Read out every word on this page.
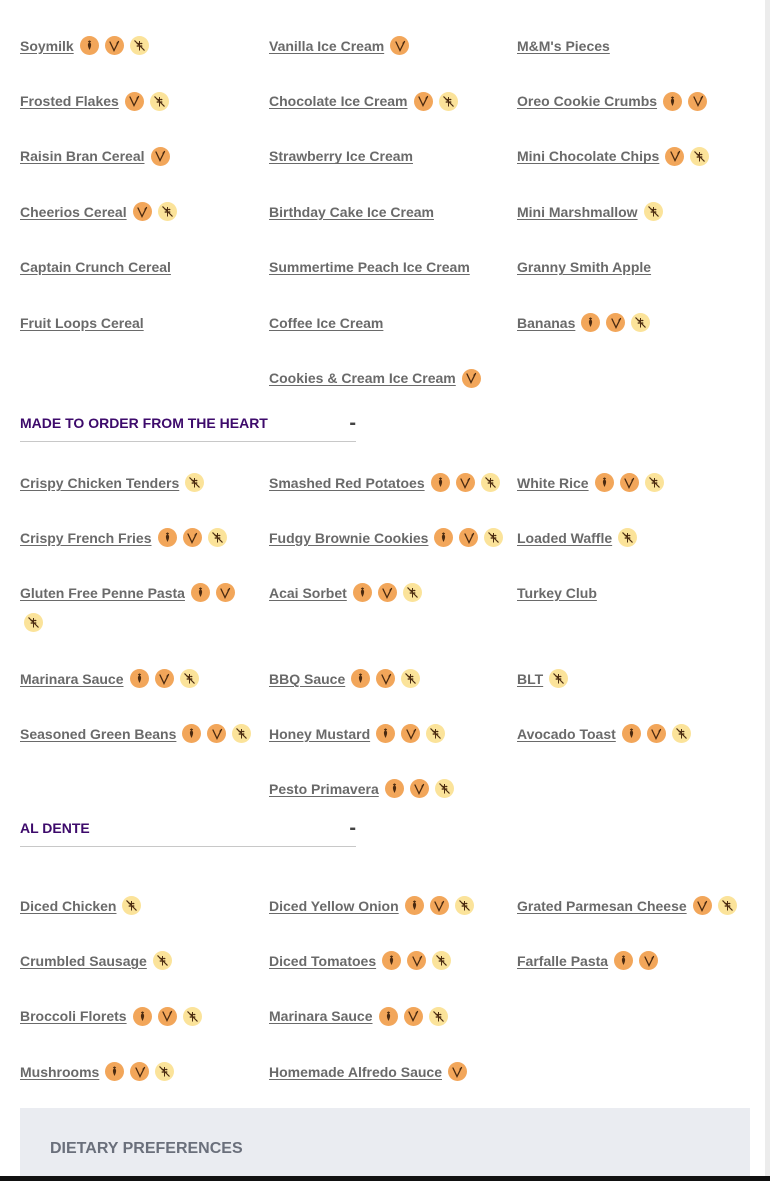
Soymilk	Vanilla Ice Cream	M&M's Pieces
Frosted Flakes	Chocolate Ice Cream	Oreo Cookie Crumbs
Raisin Bran Cereal	Strawberry Ice Cream	Mini Chocolate Chips
Cheerios Cereal	Birthday Cake Ice Cream	Mini Marshmallow
Captain Crunch Cereal	Summertime Peach Ice Cream	Granny Smith Apple
Fruit Loops Cereal	Coffee Ice Cream	Bananas
Cookies & Cream Ice Cream
MADE TO ORDER FROM THE HEART	-
Crispy Chicken Tenders	Smashed Red Potatoes	White Rice
Crispy French Fries	Fudgy Brownie Cookies	Loaded Waffle
Gluten Free Penne Pasta	Acai Sorbet	Turkey Club
Marinara Sauce	BBQ Sauce	BLT
Seasoned Green Beans	Honey Mustard	Avocado Toast
Pesto Primavera
AL DENTE	-
Diced Chicken	Diced Yellow Onion	Grated Parmesan Cheese
Crumbled Sausage	Diced Tomatoes	Farfalle Pasta
Broccoli Florets	Marinara Sauce
Mushrooms	Homemade Alfredo Sauce
DIETARY PREFERENCES
